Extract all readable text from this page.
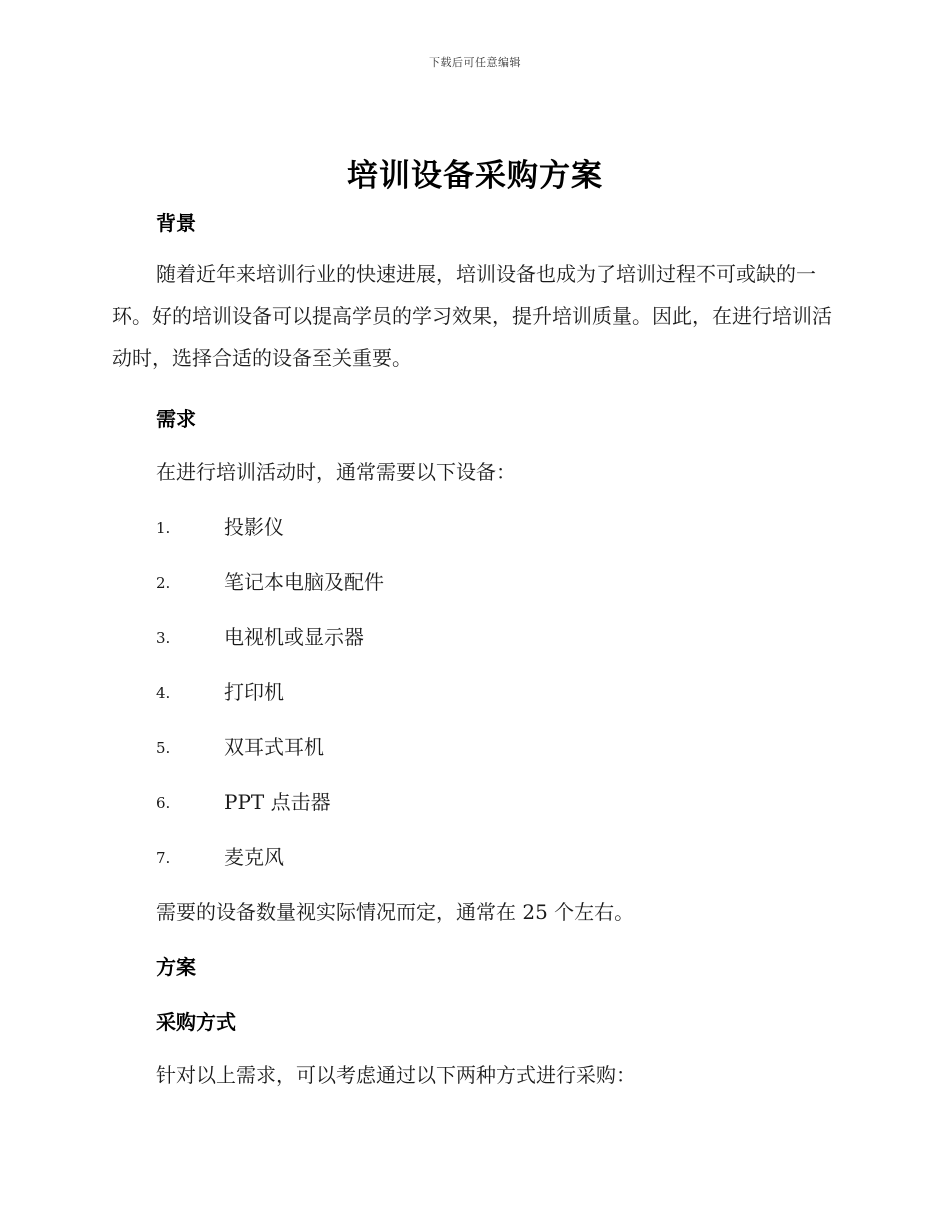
下载后可任意编辑
培训设备采购方案
背景

随着近年来培训行业的快速进展，培训设备也成为了培训过程不可或缺的一环。好的培训设备可以提高学员的学习效果，提升培训质量。因此，在进行培训活动时，选择合适的设备至关重要。

需求
在进行培训活动时，通常需要以下设备：
1.	投影仪
2.	笔记本电脑及配件
3.	电视机或显示器
4.	打印机
5.	双耳式耳机
6.	PPT 点击器
7.	麦克风
需要的设备数量视实际情况而定，通常在 25 个左右。
方案
采购方式
针对以上需求，可以考虑通过以下两种方式进行采购：
